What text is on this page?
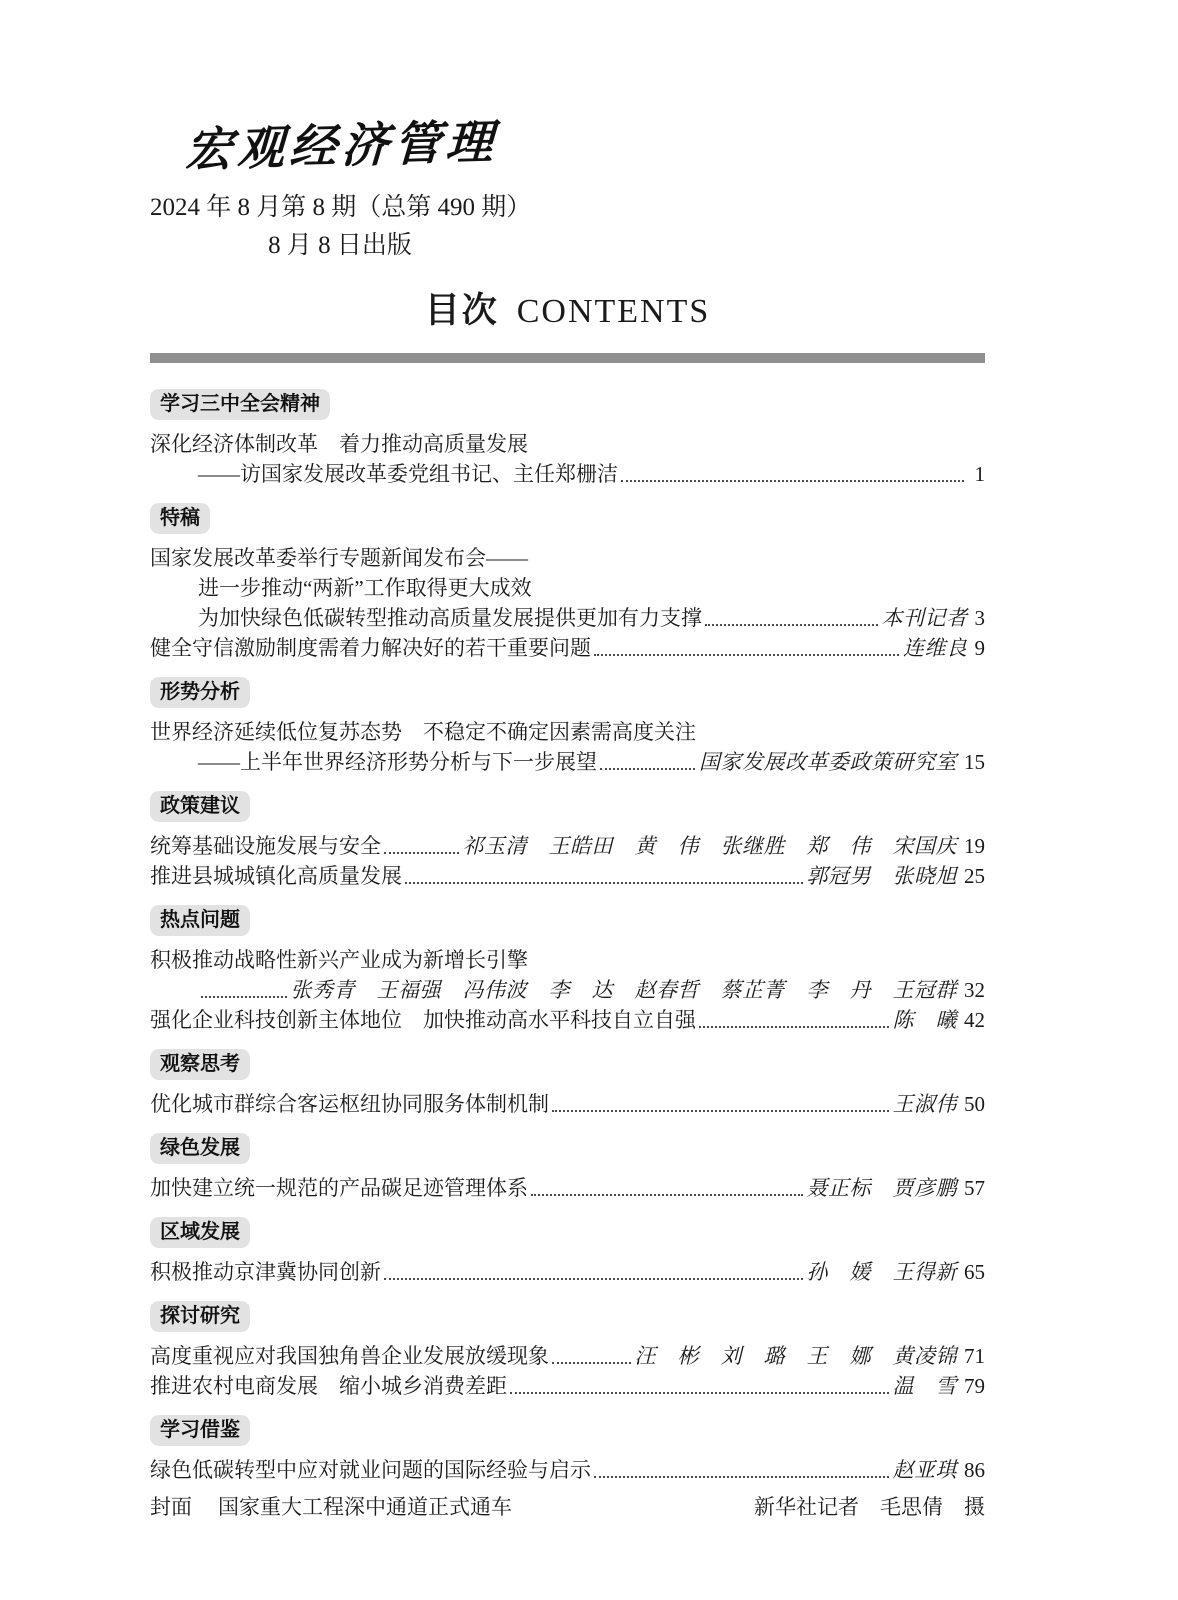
宏观经济管理
2024 年 8 月第 8 期（总第 490 期）
8 月 8 日出版
目次 CONTENTS
学习三中全会精神
深化经济体制改革　着力推动高质量发展
——访国家发展改革委党组书记、主任郑栅洁	1
特稿
国家发展改革委举行专题新闻发布会——
进一步推动“两新”工作取得更大成效
为加快绿色低碳转型推动高质量发展提供更加有力支撑	本刊记者 3
健全守信激励制度需着力解决好的若干重要问题	连维良 9
形势分析
世界经济延续低位复苏态势　不稳定不确定因素需高度关注
——上半年世界经济形势分析与下一步展望	国家发展改革委政策研究室 15
政策建议
统筹基础设施发展与安全	祁玉清　王皓田　黄　伟　张继胜　郑　伟　宋国庆 19
推进县城城镇化高质量发展	郭冠男　张晓旭 25
热点问题
积极推动战略性新兴产业成为新增长引擎
张秀青　王福强　冯伟波　李　达　赵春哲　蔡芷菁　李　丹　王冠群 32
强化企业科技创新主体地位　加快推动高水平科技自立自强	陈　曦 42
观察思考
优化城市群综合客运枢纽协同服务体制机制	王淑伟 50
绿色发展
加快建立统一规范的产品碳足迹管理体系	聂正标　贾彦鹏 57
区域发展
积极推动京津冀协同创新	孙　媛　王得新 65
探讨研究
高度重视应对我国独角兽企业发展放缓现象	汪　彬　刘　璐　王　娜　黄凌锦 71
推进农村电商发展　缩小城乡消费差距	温　雪 79
学习借鉴
绿色低碳转型中应对就业问题的国际经验与启示	赵亚琪 86
封面 国家重大工程深中通道正式通车	新华社记者　毛思倩　摄
